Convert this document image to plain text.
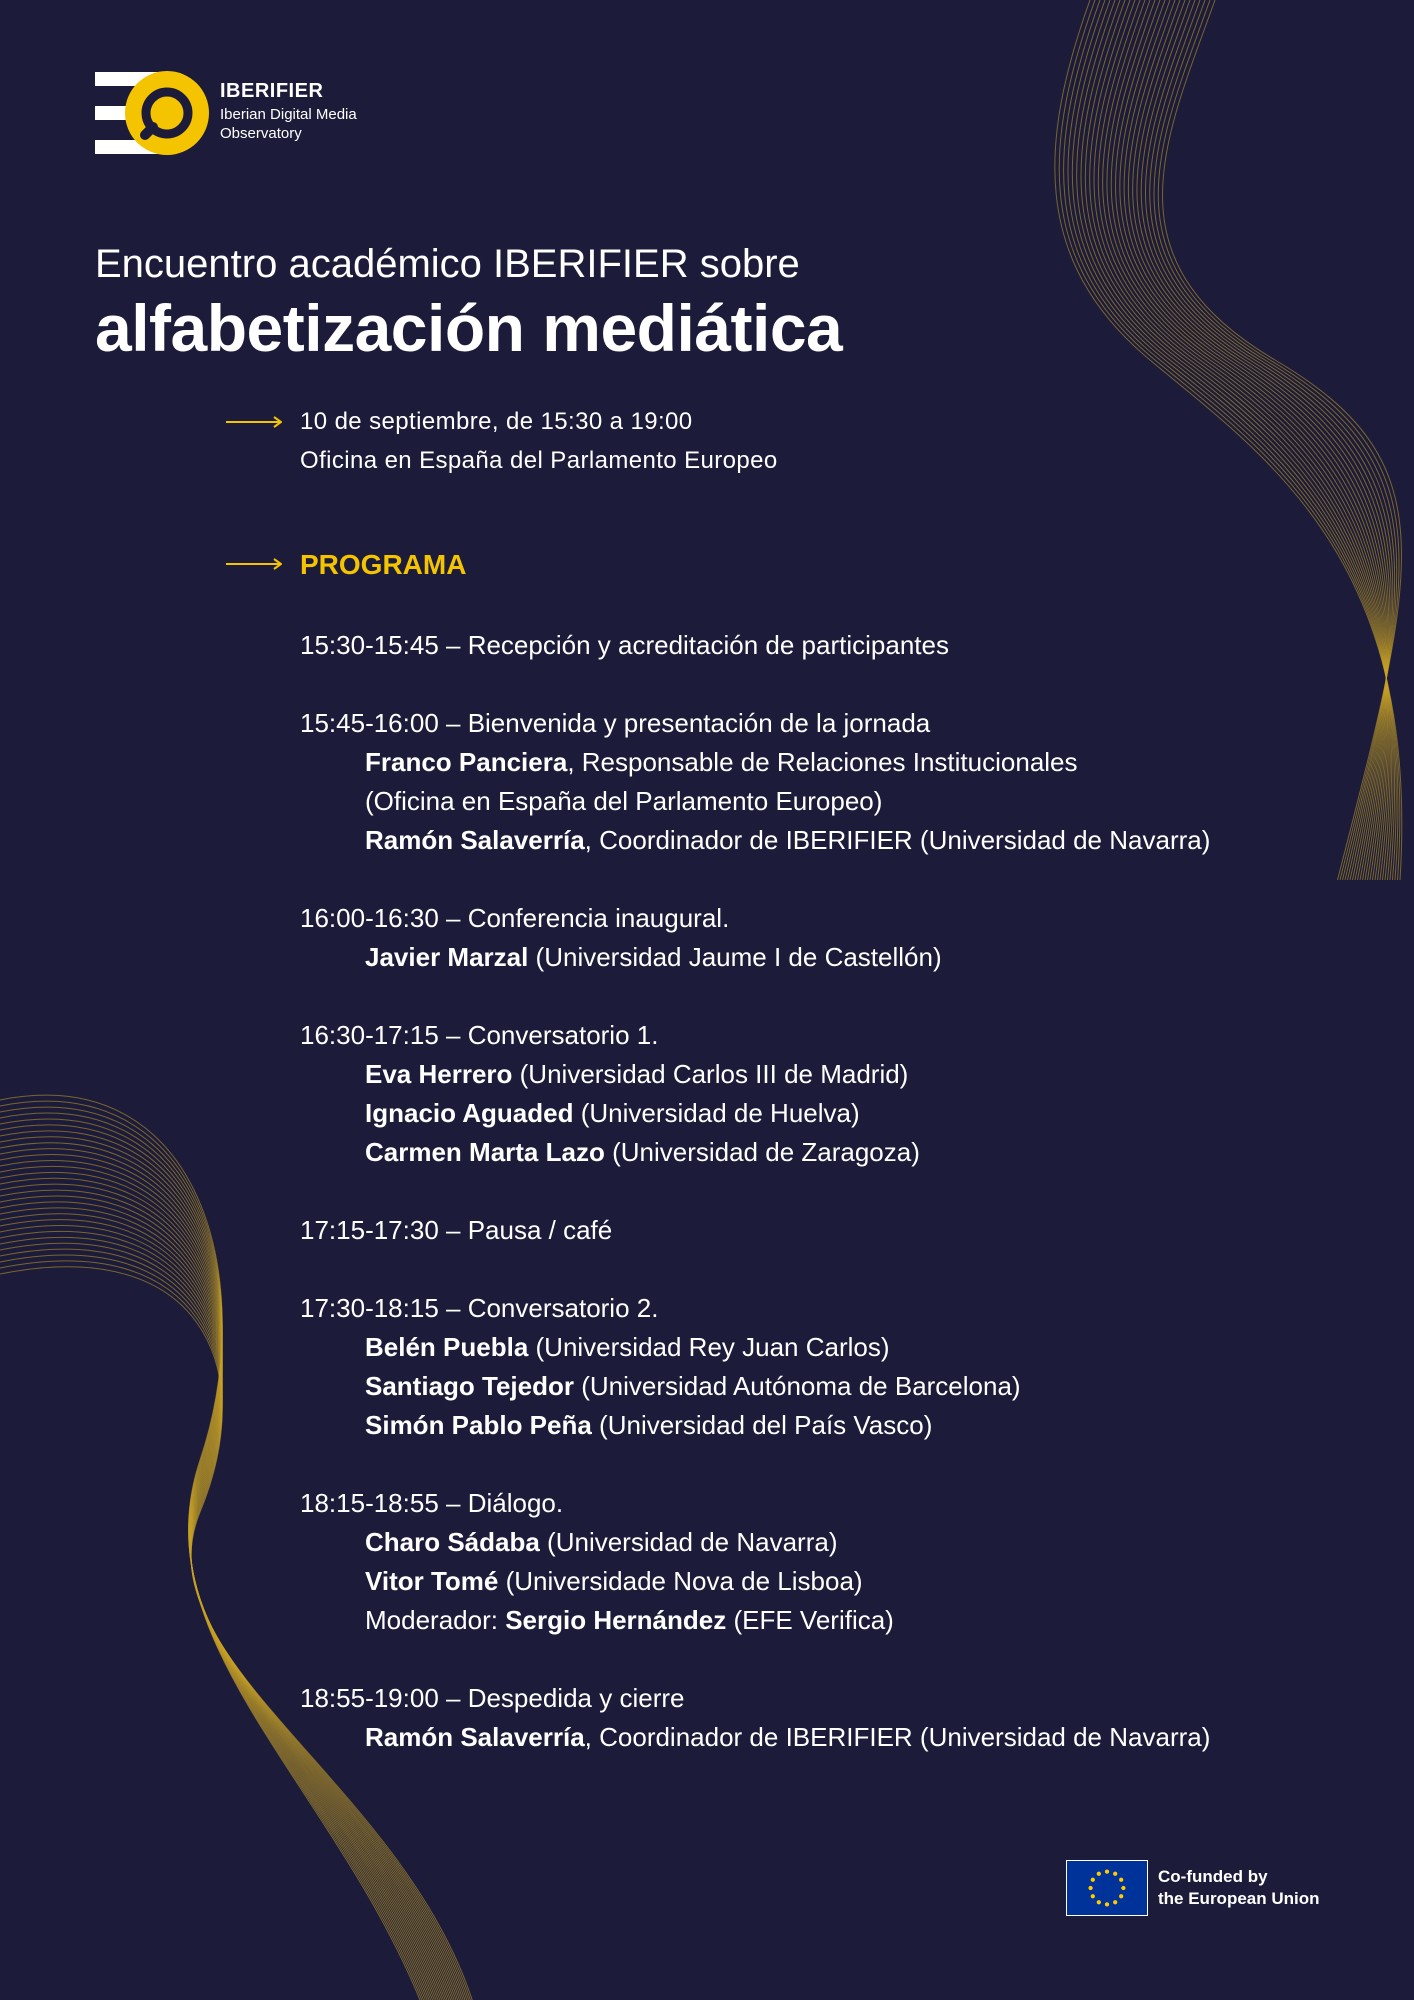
IBERIFIER
Iberian Digital Media
Observatory
Encuentro académico IBERIFIER sobre
alfabetización mediática
10 de septiembre, de 15:30 a 19:00
Oficina en España del Parlamento Europeo
PROGRAMA
15:30-15:45 – Recepción y acreditación de participantes
15:45-16:00 – Bienvenida y presentación de la jornada
Franco Panciera, Responsable de Relaciones Institucionales
(Oficina en España del Parlamento Europeo)
Ramón Salaverría, Coordinador de IBERIFIER (Universidad de Navarra)
16:00-16:30 – Conferencia inaugural.
Javier Marzal (Universidad Jaume I de Castellón)
16:30-17:15 – Conversatorio 1.
Eva Herrero (Universidad Carlos III de Madrid)
Ignacio Aguaded (Universidad de Huelva)
Carmen Marta Lazo (Universidad de Zaragoza)
17:15-17:30 – Pausa / café
17:30-18:15 – Conversatorio 2.
Belén Puebla (Universidad Rey Juan Carlos)
Santiago Tejedor (Universidad Autónoma de Barcelona)
Simón Pablo Peña (Universidad del País Vasco)
18:15-18:55 – Diálogo.
Charo Sádaba (Universidad de Navarra)
Vitor Tomé (Universidade Nova de Lisboa)
Moderador: Sergio Hernández (EFE Verifica)
18:55-19:00 – Despedida y cierre
Ramón Salaverría, Coordinador de IBERIFIER (Universidad de Navarra)
Co-funded by
the European Union
